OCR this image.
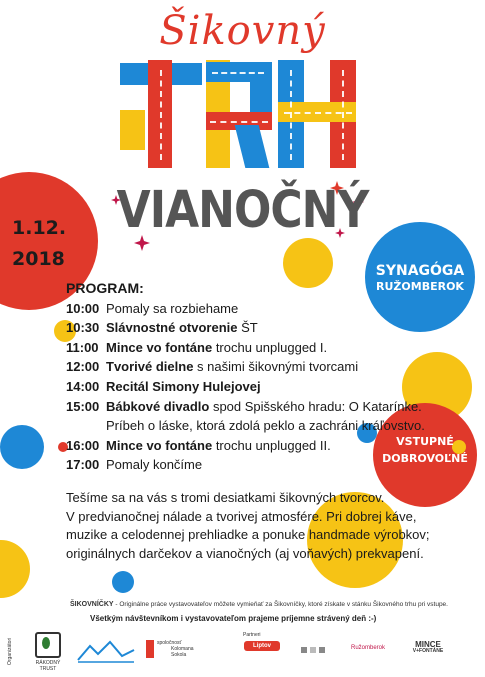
Šikovný
VIANOČNÝ
1.12.
2018
SYNAGÓGA
RUŽOMBEROK
VSTUPNÉ
DOBROVOĽNÉ
PROGRAM:
10:00 Pomaly sa rozbiehame
10:30 Slávnostné otvorenie ŠT
11:00 Mince vo fontáne trochu unplugged I.
12:00 Tvorivé dielne s našimi šikovnými tvorcami
14:00 Recitál Simony Hulejovej
15:00 Bábkové divadlo spod Spišského hradu: O Katarínke.
Príbeh o láske, ktorá zdolá peklo a zachráni kráľovstvo.
16:00 Mince vo fontáne trochu unplugged II.
17:00 Pomaly končíme
Tešíme sa na vás s tromi desiatkami šikovných tvorcov.
V predvianočnej nálade a tvorivej atmosfére. Pri dobrej káve,
muzike a celodennej prehliadke a ponuke handmade výrobkov;
originálnych darčekov a vianočných (aj voňavých) prekvapení.
ŠIKOVNÍČKY - Originálne práce vystavovateľov môžete vymieňať za Šikovníčky, ktoré získate v stánku Šikovného trhu pri vstupe.
Všetkým návštevníkom i vystavovateľom prajeme príjemne strávený deň :-)
Organizátori
Partneri
RÁKODNÝ TRUST
spoločnosť
Kolomana
Sokola
Liptov	Ružomberok	MINCE
V+FONTÁNE
